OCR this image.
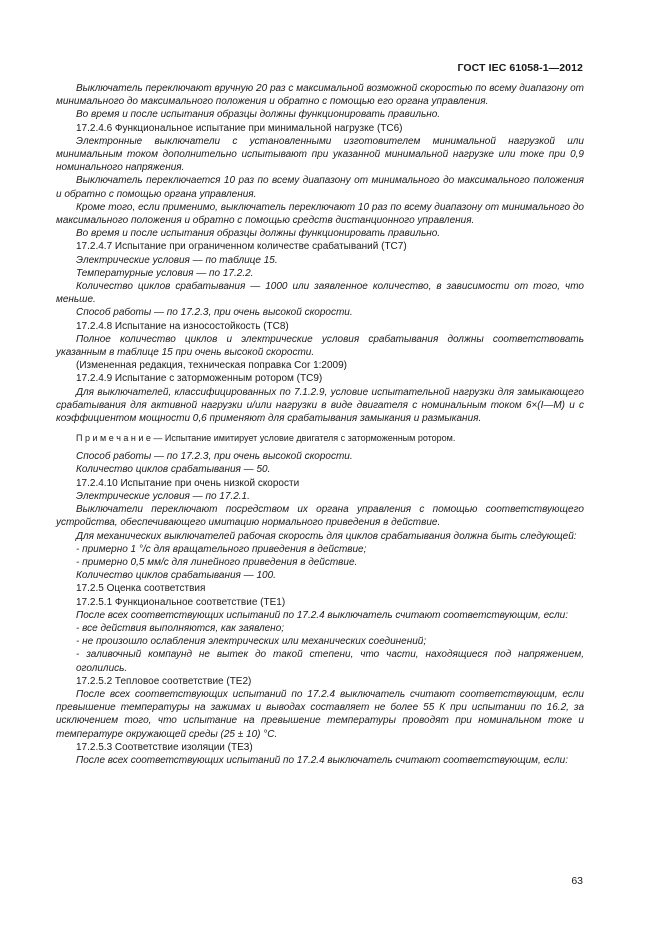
ГОСТ IEC 61058-1—2012

Выключатель переключают вручную 20 раз с максимальной возможной скоростью по всему диапазону от минимального до максимального положения и обратно с помощью его органа управления.

Во время и после испытания образцы должны функционировать правильно.

17.2.4.6 Функциональное испытание при минимальной нагрузке (TC6)

Электронные выключатели с установленными изготовителем минимальной нагрузкой или минимальным током дополнительно испытывают при указанной минимальной нагрузке или токе при 0,9 номинального напряжения.

Выключатель переключается 10 раз по всему диапазону от минимального до максимального положения и обратно с помощью органа управления.

Кроме того, если применимо, выключатель переключают 10 раз по всему диапазону от минимального до максимального положения и обратно с помощью средств дистанционного управления.

Во время и после испытания образцы должны функционировать правильно.

17.2.4.7 Испытание при ограниченном количестве срабатываний (TC7)

Электрические условия — по таблице 15.

Температурные условия — по 17.2.2.

Количество циклов срабатывания — 1000 или заявленное количество, в зависимости от того, что меньше.

Способ работы — по 17.2.3, при очень высокой скорости.

17.2.4.8 Испытание на износостойкость (TC8)

Полное количество циклов и электрические условия срабатывания должны соответствовать указанным в таблице 15 при очень высокой скорости.

(Измененная редакция, техническая поправка Cor 1:2009)

17.2.4.9 Испытание с заторможенным ротором (TC9)

Для выключателей, классифицированных по 7.1.2.9, условие испытательной нагрузки для замыкающего срабатывания для активной нагрузки и/или нагрузки в виде двигателя с номинальным током 6×(I—M) и с коэффициентом мощности 0,6 применяют для срабатывания замыкания и размыкания.

П р и м е ч а н и е — Испытание имитирует условие двигателя с заторможенным ротором.

Способ работы — по 17.2.3, при очень высокой скорости.

Количество циклов срабатывания — 50.

17.2.4.10 Испытание при очень низкой скорости

Электрические условия — по 17.2.1.

Выключатели переключают посредством их органа управления с помощью соответствующего устройства, обеспечивающего имитацию нормального приведения в действие.

Для механических выключателей рабочая скорость для циклов срабатывания должна быть следующей:

- примерно 1 °/с для вращательного приведения в действие;

- примерно 0,5 мм/с для линейного приведения в действие.

Количество циклов срабатывания — 100.

17.2.5 Оценка соответствия

17.2.5.1 Функциональное соответствие (TE1)

После всех соответствующих испытаний по 17.2.4 выключатель считают соответствующим, если:

- все действия выполняются, как заявлено;

- не произошло ослабления электрических или механических соединений;

- заливочный компаунд не вытек до такой степени, что части, находящиеся под напряжением, оголились.

17.2.5.2 Тепловое соответствие (TE2)

После всех соответствующих испытаний по 17.2.4 выключатель считают соответствующим, если превышение температуры на зажимах и выводах составляет не более 55 К при испытании по 16.2, за исключением того, что испытание на превышение температуры проводят при номинальном токе и температуре окружающей среды (25 ± 10) °С.

17.2.5.3 Соответствие изоляции (TE3)

После всех соответствующих испытаний по 17.2.4 выключатель считают соответствующим, если:

63
